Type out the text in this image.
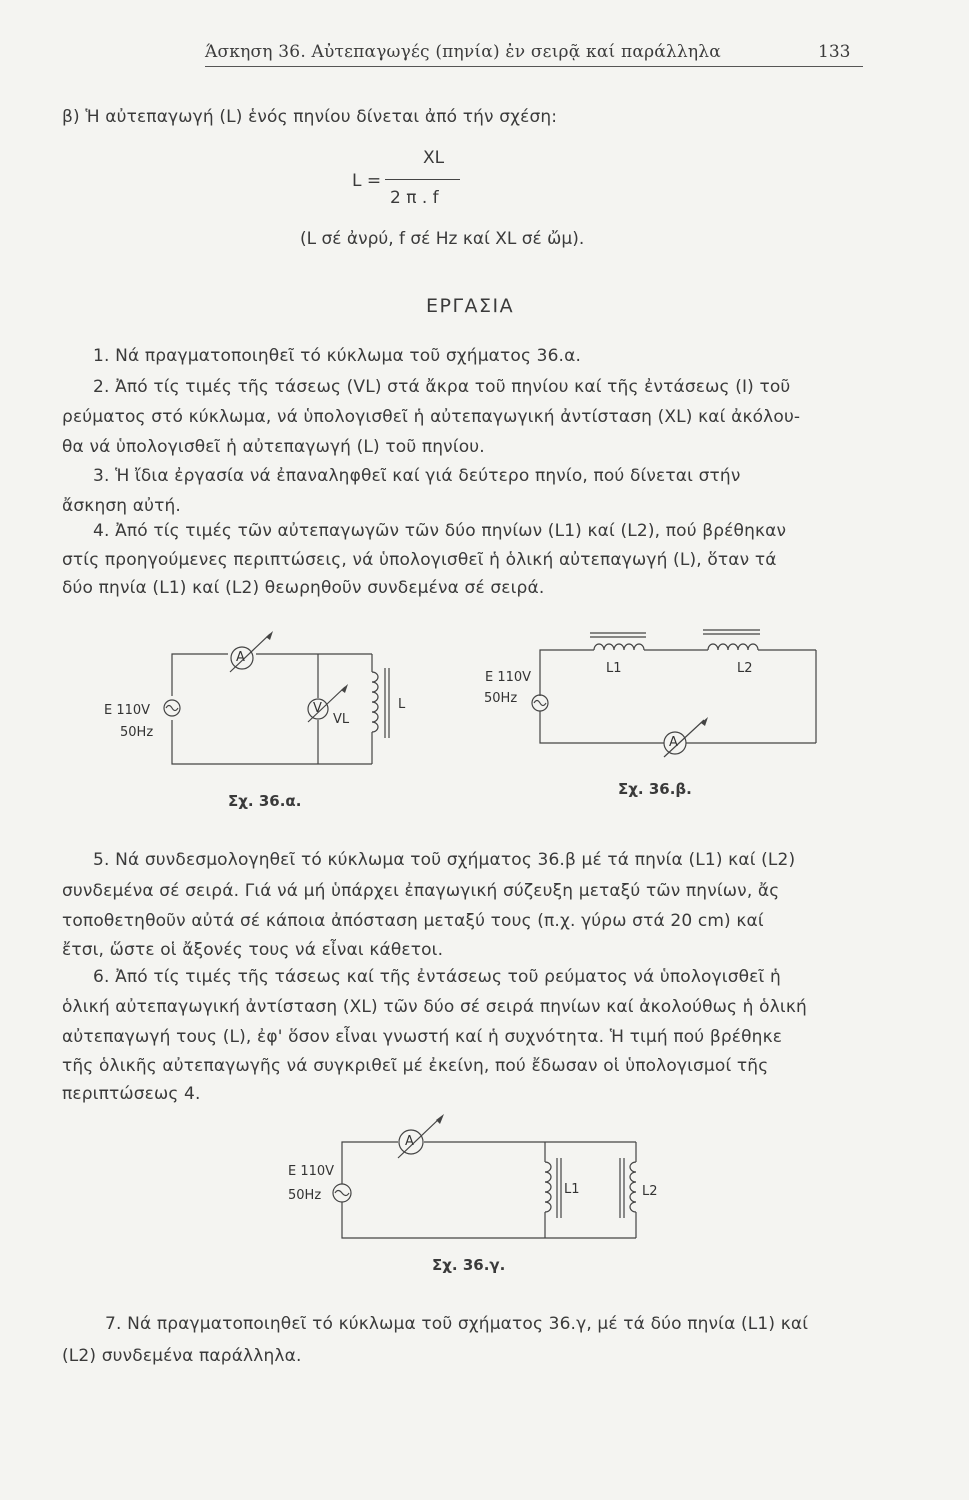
Άσκηση 36. Αὐτεπαγωγές (πηνία) ἐν σειρᾷ καί παράλληλα	133
β) Ἡ αὐτεπαγωγή (L) ἑνός πηνίου δίνεται ἀπό τήν σχέση:
L =
XL
2 π . f
(L σέ ἀνρύ, f σέ Hz καί XL σέ ὤμ).
ΕΡΓΑΣΙΑ
1. Νά πραγματοποιηθεῖ τό κύκλωμα τοῦ σχήματος 36.α.
2. Ἀπό τίς τιμές τῆς τάσεως (VL) στά ἄκρα τοῦ πηνίου καί τῆς ἐντάσεως (I) τοῦ
ρεύματος στό κύκλωμα, νά ὑπολογισθεῖ ἡ αὐτεπαγωγική ἀντίσταση (XL) καί ἀκόλου-
θα νά ὑπολογισθεῖ ἡ αὐτεπαγωγή (L) τοῦ πηνίου.
3. Ἡ ἴδια ἐργασία νά ἐπαναληφθεῖ καί γιά δεύτερο πηνίο, πού δίνεται στήν
ἄσκηση αὐτή.
4. Ἀπό τίς τιμές τῶν αὐτεπαγωγῶν τῶν δύο πηνίων (L1) καί (L2), πού βρέθηκαν
στίς προηγούμενες περιπτώσεις, νά ὑπολογισθεῖ ἡ ὁλική αὐτεπαγωγή (L), ὅταν τά
δύο πηνία (L1) καί (L2) θεωρηθοῦν συνδεμένα σέ σειρά.
A
V
VL
L
E 110V
50Hz
Σχ. 36.α.
L1	L2
A
E 110V
50Hz
Σχ. 36.β.
5. Νά συνδεσμολογηθεῖ τό κύκλωμα τοῦ σχήματος 36.β μέ τά πηνία (L1) καί (L2)
συνδεμένα σέ σειρά. Γιά νά μή ὑπάρχει ἐπαγωγική σύζευξη μεταξύ τῶν πηνίων, ἄς
τοποθετηθοῦν αὐτά σέ κάποια ἀπόσταση μεταξύ τους (π.χ. γύρω στά 20 cm) καί
ἔτσι, ὥστε οἱ ἄξονές τους νά εἶναι κάθετοι.
6. Ἀπό τίς τιμές τῆς τάσεως καί τῆς ἐντάσεως τοῦ ρεύματος νά ὑπολογισθεῖ ἡ
ὁλική αὐτεπαγωγική ἀντίσταση (XL) τῶν δύο σέ σειρά πηνίων καί ἀκολούθως ἡ ὁλική
αὐτεπαγωγή τους (L), ἐφ' ὅσον εἶναι γνωστή καί ἡ συχνότητα. Ἡ τιμή πού βρέθηκε
τῆς ὁλικῆς αὐτεπαγωγῆς νά συγκριθεῖ μέ ἐκείνη, πού ἔδωσαν οἱ ὑπολογισμοί τῆς
περιπτώσεως 4.
A
L1	L2
E 110V
50Hz
Σχ. 36.γ.
7. Νά πραγματοποιηθεῖ τό κύκλωμα τοῦ σχήματος 36.γ, μέ τά δύο πηνία (L1) καί
(L2) συνδεμένα παράλληλα.
